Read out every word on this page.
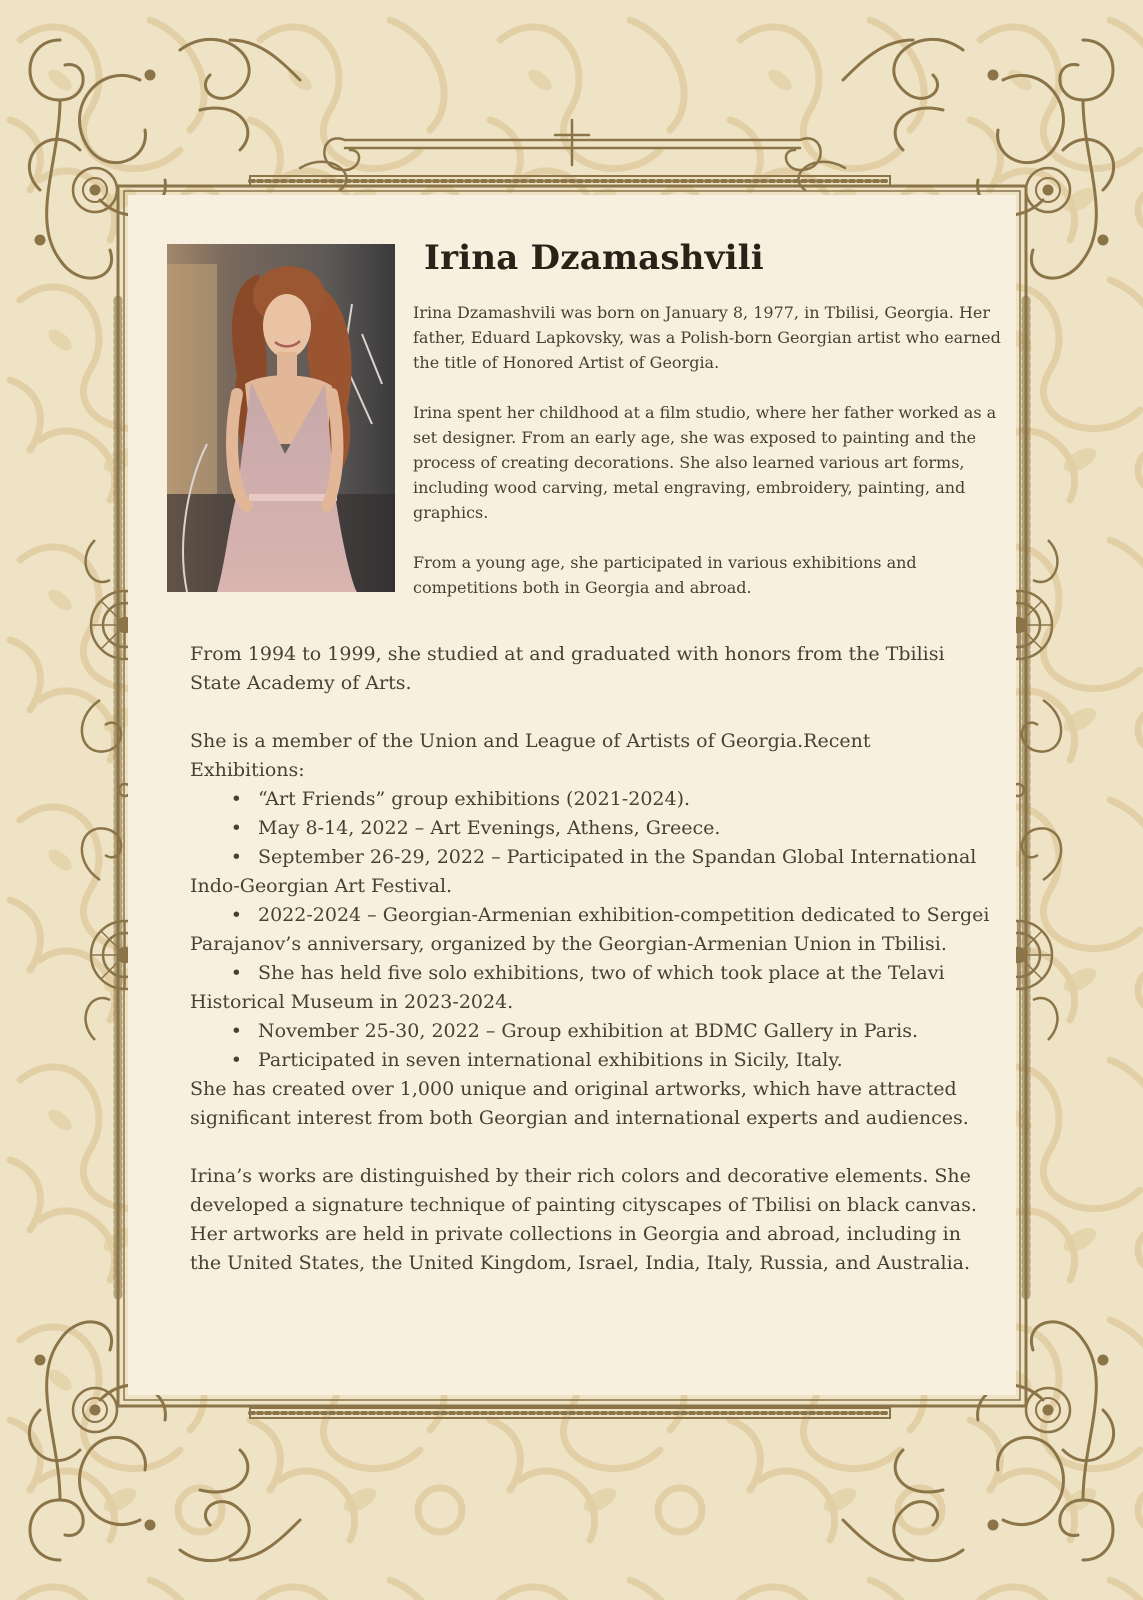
Irina Dzamashvili

Irina Dzamashvili was born on January 8, 1977, in Tbilisi, Georgia. Her father, Eduard Lapkovsky, was a Polish-born Georgian artist who earned the title of Honored Artist of Georgia.

Irina spent her childhood at a film studio, where her father worked as a set designer. From an early age, she was exposed to painting and the process of creating decorations. She also learned various art forms, including wood carving, metal engraving, embroidery, painting, and graphics.

From a young age, she participated in various exhibitions and competitions both in Georgia and abroad.

From 1994 to 1999, she studied at and graduated with honors from the Tbilisi State Academy of Arts.

She is a member of the Union and League of Artists of Georgia.Recent Exhibitions:

• “Art Friends” group exhibitions (2021-2024).

• May 8-14, 2022 – Art Evenings, Athens, Greece.

• September 26-29, 2022 – Participated in the Spandan Global International Indo-Georgian Art Festival.

• 2022-2024 – Georgian-Armenian exhibition-competition dedicated to Sergei Parajanov’s anniversary, organized by the Georgian-Armenian Union in Tbilisi.

• She has held five solo exhibitions, two of which took place at the Telavi Historical Museum in 2023-2024.

• November 25-30, 2022 – Group exhibition at BDMC Gallery in Paris.

• Participated in seven international exhibitions in Sicily, Italy.

She has created over 1,000 unique and original artworks, which have attracted significant interest from both Georgian and international experts and audiences.

Irina’s works are distinguished by their rich colors and decorative elements. She developed a signature technique of painting cityscapes of Tbilisi on black canvas.

Her artworks are held in private collections in Georgia and abroad, including in the United States, the United Kingdom, Israel, India, Italy, Russia, and Australia.
